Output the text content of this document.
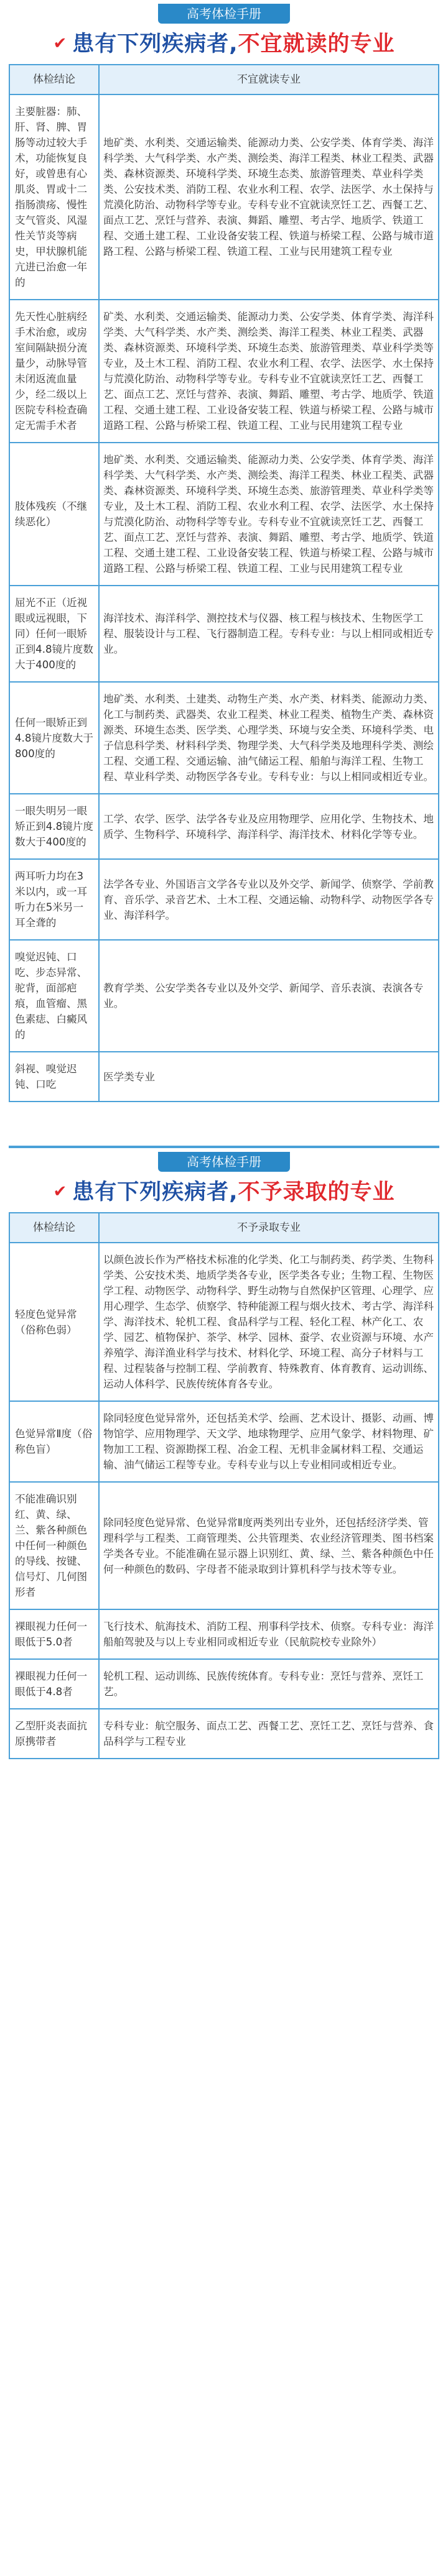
高考体检手册
✔ 患有下列疾病者,不宜就读的专业
体检结论	不宜就读专业
主要脏器：肺、肝、肾、脾、胃肠等动过较大手术，功能恢复良好，或曾患有心肌炎、胃或十二指肠溃疡、慢性支气管炎、风湿性关节炎等病史，甲状腺机能亢进已治愈一年的	地矿类、水利类、交通运输类、能源动力类、公安学类、体育学类、海洋科学类、大气科学类、水产类、测绘类、海洋工程类、林业工程类、武器类、森林资源类、环境科学类、环境生态类、旅游管理类、草业科学类类、公安技术类、消防工程、农业水利工程、农学、法医学、水土保持与荒漠化防治、动物科学等专业。专科专业不宜就读烹饪工艺、西餐工艺、面点工艺、烹饪与营养、表演、舞蹈、雕塑、考古学、地质学、铁道工程、交通土建工程、工业设备安装工程、铁道与桥梁工程、公路与城市道路工程、公路与桥梁工程、铁道工程、工业与民用建筑工程专业
先天性心脏病经手术治愈，或房室间隔缺损分流量少，动脉导管未闭返流血量少，经二级以上医院专科检查确定无需手术者	矿类、水利类、交通运输类、能源动力类、公安学类、体育学类、海洋科学类、大气科学类、水产类、测绘类、海洋工程类、林业工程类、武器类、森林资源类、环境科学类、环境生态类、旅游管理类、草业科学类等专业，及土木工程、消防工程、农业水利工程、农学、法医学、水土保持与荒漠化防治、动物科学等专业。专科专业不宜就读烹饪工艺、西餐工艺、面点工艺、烹饪与营养、表演、舞蹈、雕塑、考古学、地质学、铁道工程、交通土建工程、工业设备安装工程、铁道与桥梁工程、公路与城市道路工程、公路与桥梁工程、铁道工程、工业与民用建筑工程专业
肢体残疾（不继续恶化）	地矿类、水利类、交通运输类、能源动力类、公安学类、体育学类、海洋科学类、大气科学类、水产类、测绘类、海洋工程类、林业工程类、武器类、森林资源类、环境科学类、环境生态类、旅游管理类、草业科学类等专业，及土木工程、消防工程、农业水利工程、农学、法医学、水土保持与荒漠化防治、动物科学等专业。专科专业不宜就读烹饪工艺、西餐工艺、面点工艺、烹饪与营养、表演、舞蹈、雕塑、考古学、地质学、铁道工程、交通土建工程、工业设备安装工程、铁道与桥梁工程、公路与城市道路工程、公路与桥梁工程、铁道工程、工业与民用建筑工程专业
屈光不正（近视眼或远视眼，下同）任何一眼矫正到4.8镜片度数大于400度的	海洋技术、海洋科学、测控技术与仪器、核工程与核技术、生物医学工程、服装设计与工程、飞行器制造工程。专科专业：与以上相同或相近专业。
任何一眼矫正到4.8镜片度数大于800度的	地矿类、水利类、土建类、动物生产类、水产类、材料类、能源动力类、化工与制药类、武器类、农业工程类、林业工程类、植物生产类、森林资源类、环境生态类、医学类、心理学类、环境与安全类、环境科学类、电子信息科学类、材料科学类、物理学类、大气科学类及地理科学类、测绘工程、交通工程、交通运输、油气储运工程、船舶与海洋工程、生物工程、草业科学类、动物医学各专业。专科专业：与以上相同或相近专业。
一眼失明另一眼矫正到4.8镜片度数大于400度的	工学、农学、医学、法学各专业及应用物理学、应用化学、生物技术、地质学、生物科学、环境科学、海洋科学、海洋技术、材料化学等专业。
两耳听力均在3米以内，或一耳听力在5米另一耳全聋的	法学各专业、外国语言文学各专业以及外交学、新闻学、侦察学、学前教育、音乐学、录音艺术、土木工程、交通运输、动物科学、动物医学各专业、海洋科学。
嗅觉迟钝、口吃、步态异常、驼背，面部疤痕，血管瘤、黑色素痣、白癜风的	教育学类、公安学类各专业以及外交学、新闻学、音乐表演、表演各专业。
斜视、嗅觉迟钝、口吃	医学类专业
高考体检手册
✔ 患有下列疾病者,不予录取的专业
体检结论	不予录取专业
轻度色觉异常（俗称色弱）	以颜色波长作为严格技术标准的化学类、化工与制药类、药学类、生物科学类、公安技术类、地质学类各专业，医学类各专业；生物工程、生物医学工程、动物医学、动物科学、野生动物与自然保护区管理、心理学、应用心理学、生态学、侦察学、特种能源工程与烟火技术、考古学、海洋科学、海洋技术、轮机工程、食品科学与工程、轻化工程、林产化工、农学、园艺、植物保护、茶学、林学、园林、蚕学、农业资源与环境、水产养殖学、海洋渔业科学与技术、材料化学、环境工程、高分子材料与工程、过程装备与控制工程、学前教育、特殊教育、体育教育、运动训练、运动人体科学、民族传统体育各专业。
色觉异常Ⅱ度（俗称色盲）	除同轻度色觉异常外，还包括美术学、绘画、艺术设计、摄影、动画、博物馆学、应用物理学、天文学、地球物理学、应用气象学、材料物理、矿物加工工程、资源勘探工程、冶金工程、无机非金属材料工程、交通运输、油气储运工程等专业。专科专业与以上专业相同或相近专业。
不能准确识别红、黄、绿、兰、紫各种颜色中任何一种颜色的导线、按键、信号灯、几何图形者	除同轻度色觉异常、色觉异常Ⅱ度两类列出专业外，还包括经济学类、管理科学与工程类、工商管理类、公共管理类、农业经济管理类、图书档案学类各专业。不能准确在显示器上识别红、黄、绿、兰、紫各种颜色中任何一种颜色的数码、字母者不能录取到计算机科学与技术等专业。
裸眼视力任何一眼低于5.0者	飞行技术、航海技术、消防工程、刑事科学技术、侦察。专科专业：海洋船舶驾驶及与以上专业相同或相近专业（民航院校专业除外）
裸眼视力任何一眼低于4.8者	轮机工程、运动训练、民族传统体育。专科专业：烹饪与营养、烹饪工艺。
乙型肝炎表面抗原携带者	专科专业：航空服务、面点工艺、西餐工艺、烹饪工艺、烹饪与营养、食品科学与工程专业
